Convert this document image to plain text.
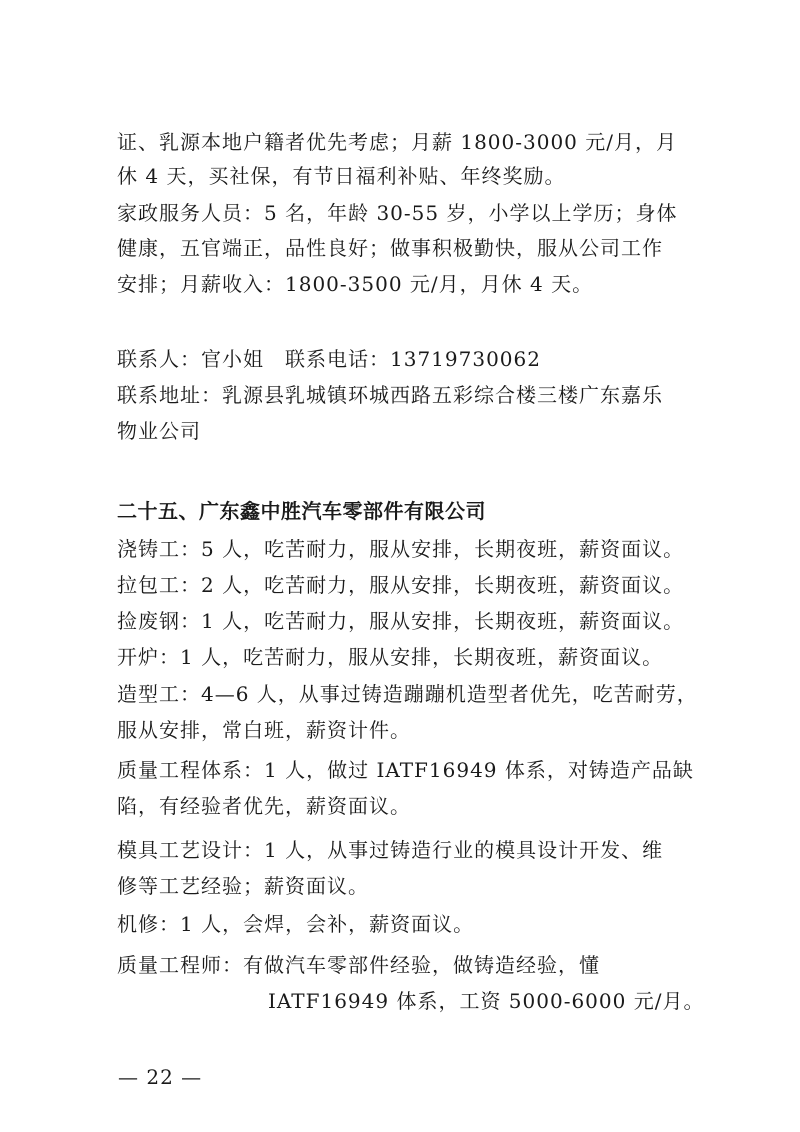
证、乳源本地户籍者优先考虑；月薪 1800-3000 元/月，月
休 4 天，买社保，有节日福利补贴、年终奖励。
家政服务人员：5 名，年龄 30-55 岁，小学以上学历；身体
健康，五官端正，品性良好；做事积极勤快，服从公司工作
安排；月薪收入：1800-3500 元/月，月休 4 天。
联系人：官小姐　联系电话：13719730062
联系地址：乳源县乳城镇环城西路五彩综合楼三楼广东嘉乐
物业公司
二十五、广东鑫中胜汽车零部件有限公司
浇铸工：5 人，吃苦耐力，服从安排，长期夜班，薪资面议。
拉包工：2 人，吃苦耐力，服从安排，长期夜班，薪资面议。
捡废钢：1 人，吃苦耐力，服从安排，长期夜班，薪资面议。
开炉：1 人，吃苦耐力，服从安排，长期夜班，薪资面议。
造型工：4—6 人，从事过铸造蹦蹦机造型者优先，吃苦耐劳，
服从安排，常白班，薪资计件。
质量工程体系：1 人，做过 IATF16949 体系，对铸造产品缺
陷，有经验者优先，薪资面议。
模具工艺设计：1 人，从事过铸造行业的模具设计开发、维
修等工艺经验；薪资面议。
机修：1 人，会焊，会补，薪资面议。
质量工程师：有做汽车零部件经验，做铸造经验，懂
IATF16949 体系，工资 5000-6000 元/月。
— 22 —
